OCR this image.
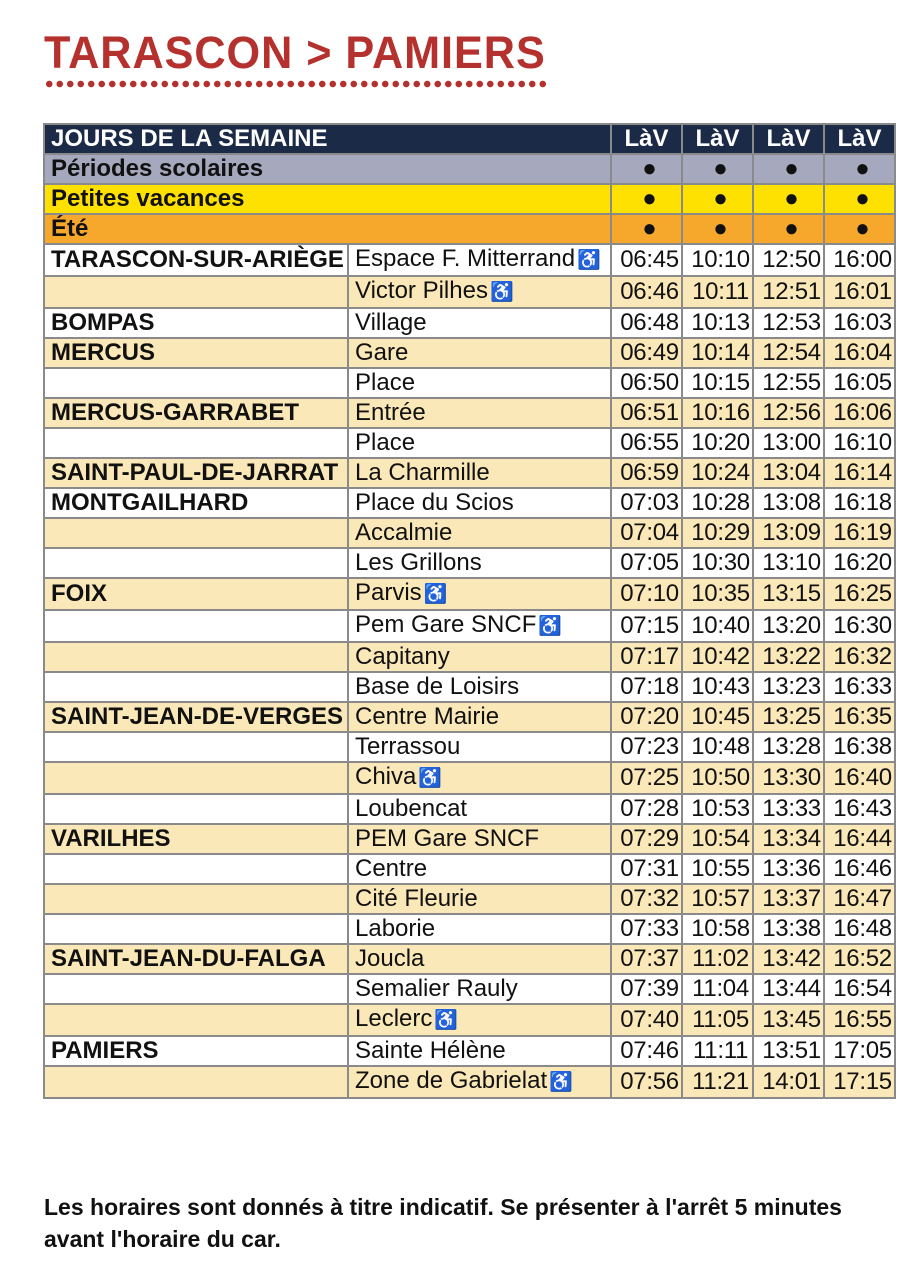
TARASCON > PAMIERS
JOURS DE LA SEMAINE		LàV	LàV	LàV	LàV
Périodes scolaires		●	●	●	●
Petites vacances		●	●	●	●
Été		●	●	●	●
TARASCON-SUR-ARIÈGE	Espace F. Mitterrand ♿	06:45	10:10	12:50	16:00
	Victor Pilhes ♿	06:46	10:11	12:51	16:01
BOMPAS	Village	06:48	10:13	12:53	16:03
MERCUS	Gare	06:49	10:14	12:54	16:04
	Place	06:50	10:15	12:55	16:05
MERCUS-GARRABET	Entrée	06:51	10:16	12:56	16:06
	Place	06:55	10:20	13:00	16:10
SAINT-PAUL-DE-JARRAT	La Charmille	06:59	10:24	13:04	16:14
MONTGAILHARD	Place du Scios	07:03	10:28	13:08	16:18
	Accalmie	07:04	10:29	13:09	16:19
	Les Grillons	07:05	10:30	13:10	16:20
FOIX	Parvis ♿	07:10	10:35	13:15	16:25
	Pem Gare SNCF ♿	07:15	10:40	13:20	16:30
	Capitany	07:17	10:42	13:22	16:32
	Base de Loisirs	07:18	10:43	13:23	16:33
SAINT-JEAN-DE-VERGES	Centre Mairie	07:20	10:45	13:25	16:35
	Terrassou	07:23	10:48	13:28	16:38
	Chiva ♿	07:25	10:50	13:30	16:40
	Loubencat	07:28	10:53	13:33	16:43
VARILHES	PEM Gare SNCF	07:29	10:54	13:34	16:44
	Centre	07:31	10:55	13:36	16:46
	Cité Fleurie	07:32	10:57	13:37	16:47
	Laborie	07:33	10:58	13:38	16:48
SAINT-JEAN-DU-FALGA	Joucla	07:37	11:02	13:42	16:52
	Semalier Rauly	07:39	11:04	13:44	16:54
	Leclerc ♿	07:40	11:05	13:45	16:55
PAMIERS	Sainte Hélène	07:46	11:11	13:51	17:05
	Zone de Gabrielat ♿	07:56	11:21	14:01	17:15

Les horaires sont donnés à titre indicatif. Se présenter à l'arrêt 5 minutes avant l'horaire du car.
